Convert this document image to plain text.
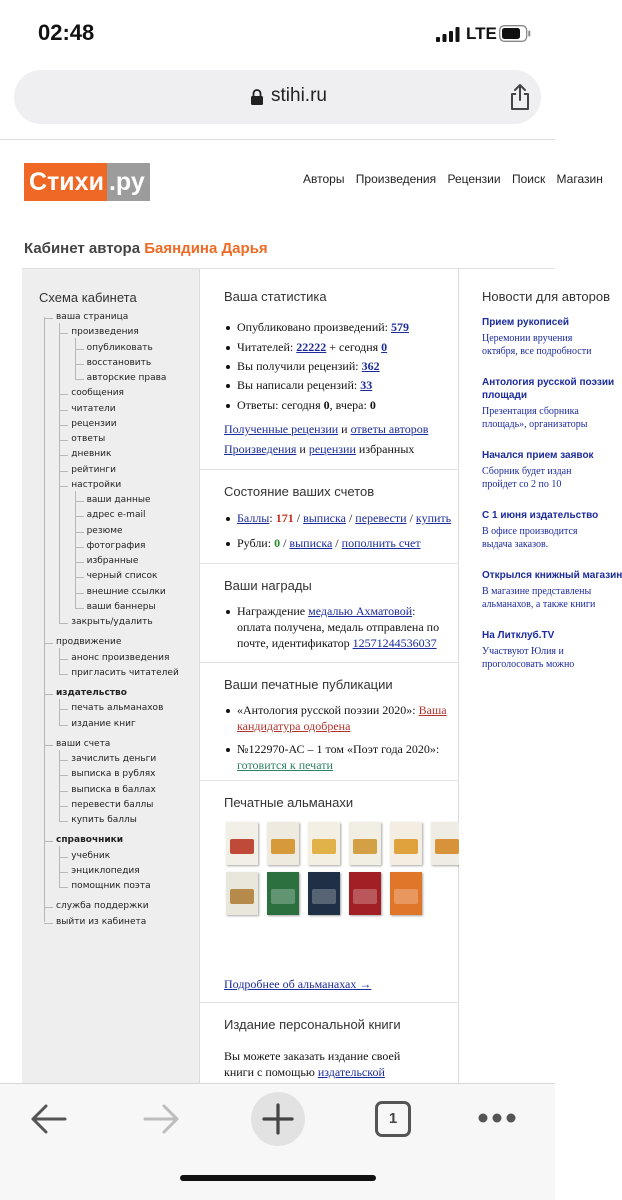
02:48	LTE
stihi.ru
Стихи .ру	Авторы Произведения Рецензии Поиск Магазин
Кабинет автора Баяндина Дарья
Схема кабинета
ваша страница
произведения
опубликовать
восстановить
авторские права
сообщения
читатели
рецензии
ответы
дневник
рейтинги
настройки
ваши данные
адрес e-mail
резюме
фотография
избранные
черный список
внешние ссылки
ваши баннеры
закрыть/удалить
продвижение
анонс произведения
пригласить читателей
издательство
печать альманахов
издание книг
ваши счета
зачислить деньги
выписка в рублях
выписка в баллах
перевести баллы
купить баллы
справочники
учебник
энциклопедия
помощник поэта
служба поддержки
выйти из кабинета
Ваша статистика
Опубликовано произведений: 579
Читателей: 22222 + сегодня 0
Вы получили рецензий: 362
Вы написали рецензий: 33
Ответы: сегодня 0, вчера: 0
Полученные рецензии и ответы авторов
Произведения и рецензии избранных
Состояние ваших счетов
Баллы: 171 / выписка / перевести / купить
Рубли: 0 / выписка / пополнить счет
Ваши награды
Награждение медалью Ахматовой:
оплата получена, медаль отправлена по
почте, идентификатор 12571244536037
Ваши печатные публикации
«Антология русской поэзии 2020»: Ваша
кандидатура одобрена
№122970-АС – 1 том «Поэт года 2020»:
готовится к печати
Печатные альманахи
Подробнее об альманахах →
Издание персональной книги
Вы можете заказать издание своей
книги с помощью издательской
Новости для авторов
Прием рукописей
Церемонии вручения
октября, все подробности
Антология русской поэзии
площади
Презентация сборника
площадь», организаторы
Начался прием заявок
Сборник будет издан
пройдет со 2 по 10
С 1 июня издательство
В офисе производится
выдача заказов.
Открылся книжный магазин
В магазине представлены
альманахов, а также книги
На Литклуб.TV
Участвуют Юлия и
проголосовать можно
1
